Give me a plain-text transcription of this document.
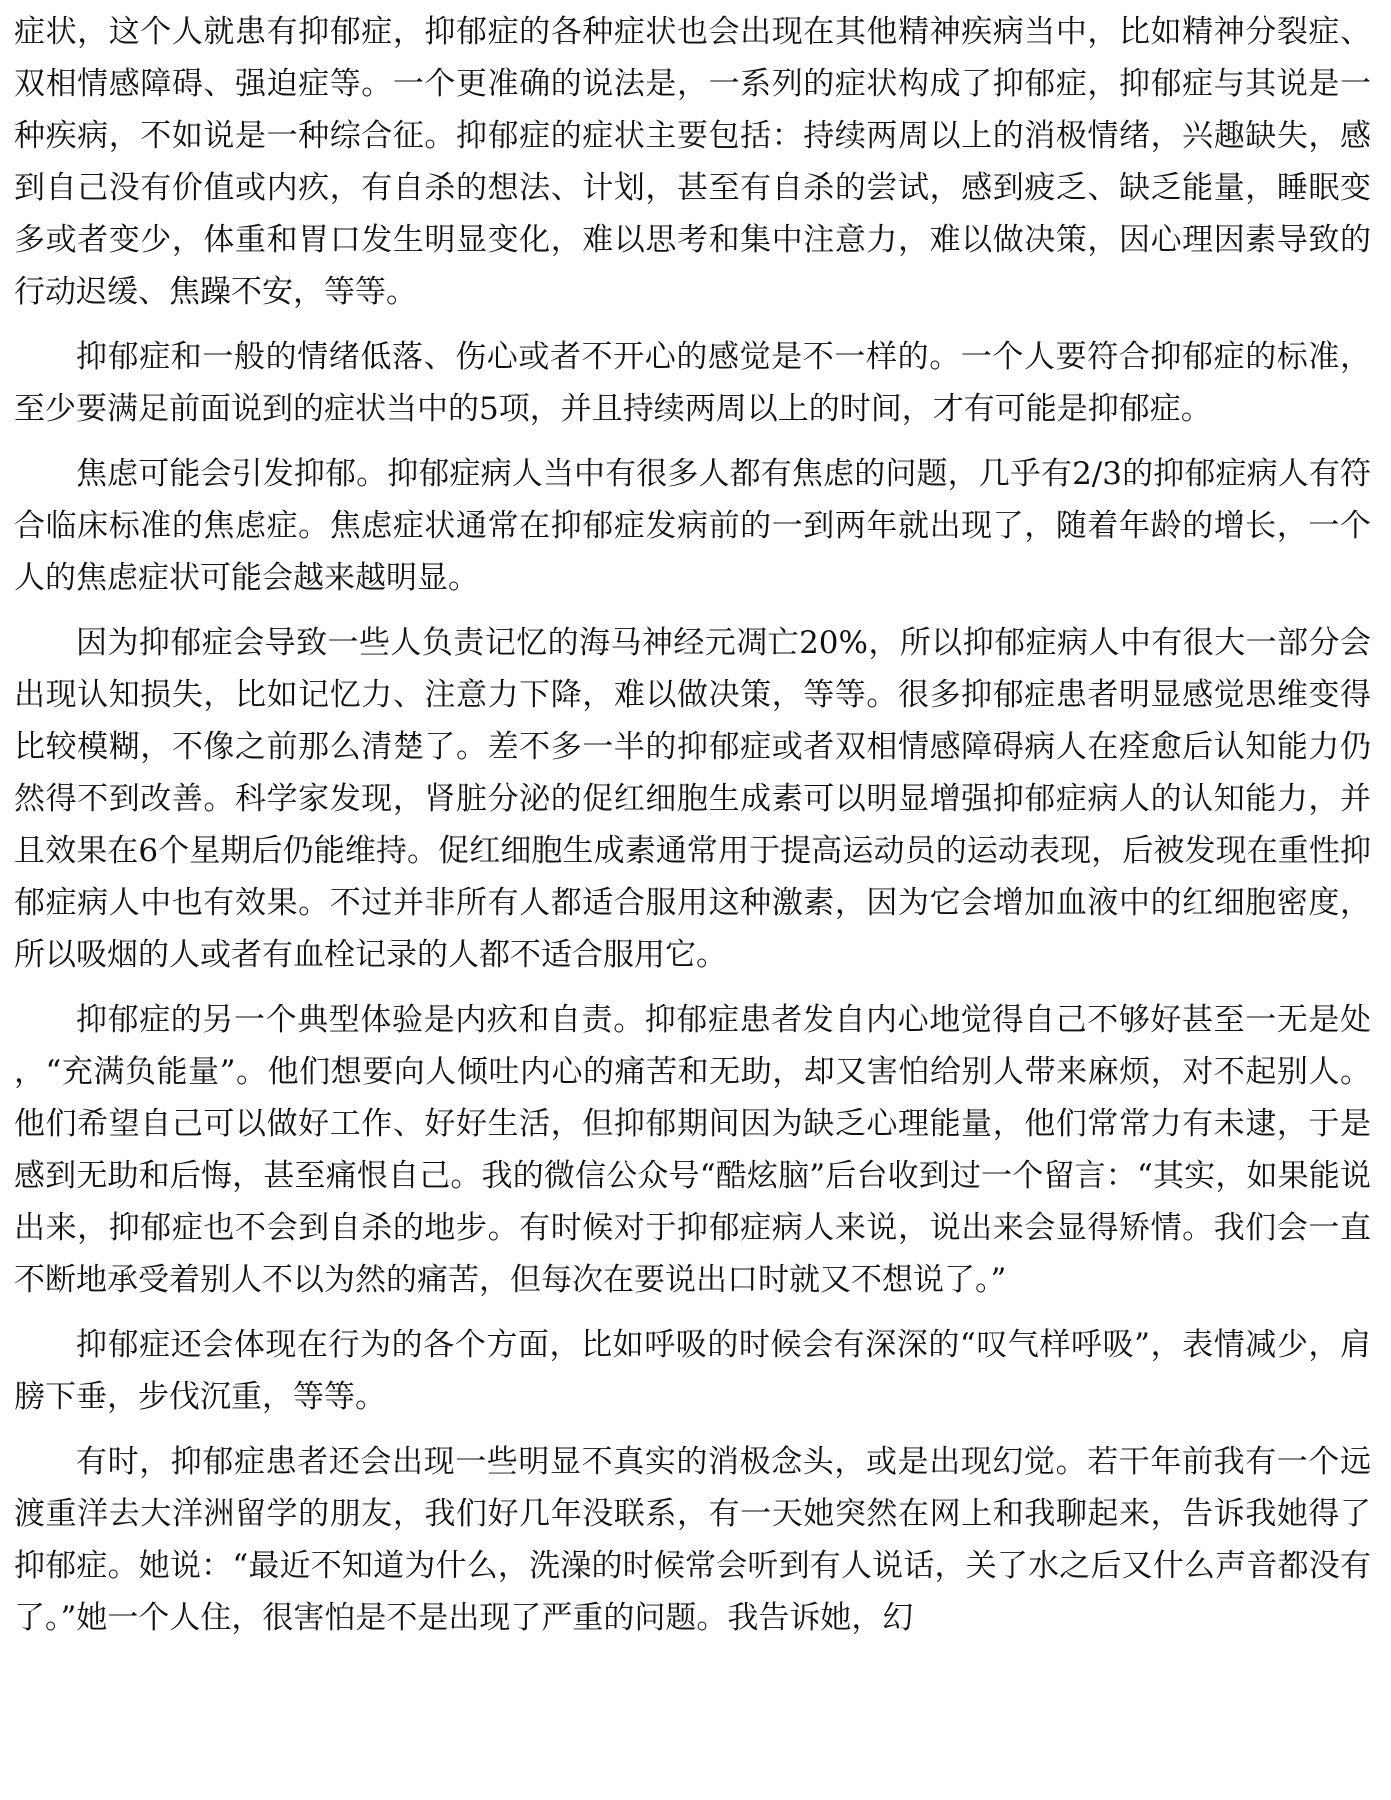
症状，这个人就患有抑郁症，抑郁症的各种症状也会出现在其他精神疾病当中，比如精神分裂症、双相情感障碍、强迫症等。一个更准确的说法是，一系列的症状构成了抑郁症，抑郁症与其说是一种疾病，不如说是一种综合征。抑郁症的症状主要包括：持续两周以上的消极情绪，兴趣缺失，感到自己没有价值或内疚，有自杀的想法、计划，甚至有自杀的尝试，感到疲乏、缺乏能量，睡眠变多或者变少，体重和胃口发生明显变化，难以思考和集中注意力，难以做决策，因心理因素导致的行动迟缓、焦躁不安，等等。

抑郁症和一般的情绪低落、伤心或者不开心的感觉是不一样的。一个人要符合抑郁症的标准，至少要满足前面说到的症状当中的5项，并且持续两周以上的时间，才有可能是抑郁症。

焦虑可能会引发抑郁。抑郁症病人当中有很多人都有焦虑的问题，几乎有2/3的抑郁症病人有符合临床标准的焦虑症。焦虑症状通常在抑郁症发病前的一到两年就出现了，随着年龄的增长，一个人的焦虑症状可能会越来越明显。

因为抑郁症会导致一些人负责记忆的海马神经元凋亡20%，所以抑郁症病人中有很大一部分会出现认知损失，比如记忆力、注意力下降，难以做决策，等等。很多抑郁症患者明显感觉思维变得比较模糊，不像之前那么清楚了。差不多一半的抑郁症或者双相情感障碍病人在痊愈后认知能力仍然得不到改善。科学家发现，肾脏分泌的促红细胞生成素可以明显增强抑郁症病人的认知能力，并且效果在6个星期后仍能维持。促红细胞生成素通常用于提高运动员的运动表现，后被发现在重性抑郁症病人中也有效果。不过并非所有人都适合服用这种激素，因为它会增加血液中的红细胞密度，所以吸烟的人或者有血栓记录的人都不适合服用它。

抑郁症的另一个典型体验是内疚和自责。抑郁症患者发自内心地觉得自己不够好甚至一无是处，“充满负能量”。他们想要向人倾吐内心的痛苦和无助，却又害怕给别人带来麻烦，对不起别人。他们希望自己可以做好工作、好好生活，但抑郁期间因为缺乏心理能量，他们常常力有未逮，于是感到无助和后悔，甚至痛恨自己。我的微信公众号“酷炫脑”后台收到过一个留言：“其实，如果能说出来，抑郁症也不会到自杀的地步。有时候对于抑郁症病人来说，说出来会显得矫情。我们会一直不断地承受着别人不以为然的痛苦，但每次在要说出口时就又不想说了。”

抑郁症还会体现在行为的各个方面，比如呼吸的时候会有深深的“叹气样呼吸”，表情减少，肩膀下垂，步伐沉重，等等。

有时，抑郁症患者还会出现一些明显不真实的消极念头，或是出现幻觉。若干年前我有一个远渡重洋去大洋洲留学的朋友，我们好几年没联系，有一天她突然在网上和我聊起来，告诉我她得了抑郁症。她说：“最近不知道为什么，洗澡的时候常会听到有人说话，关了水之后又什么声音都没有了。”她一个人住，很害怕是不是出现了严重的问题。我告诉她，幻
